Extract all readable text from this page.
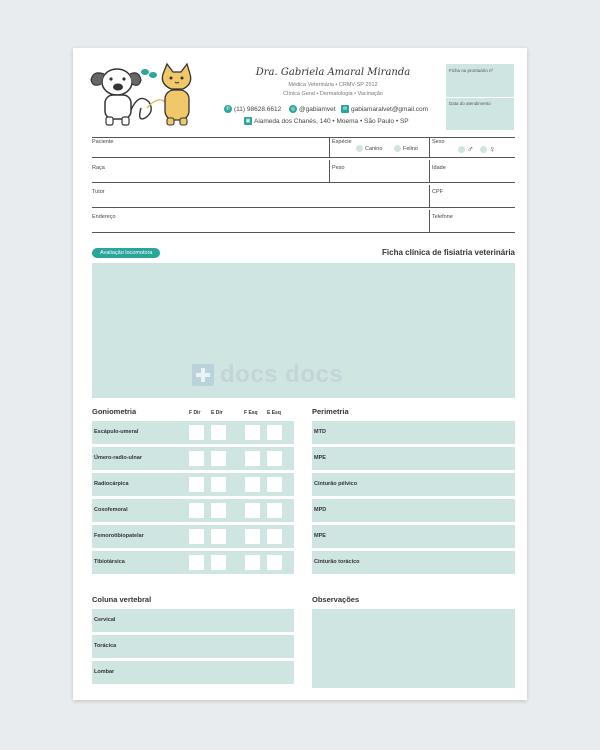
Dra. Gabriela Amaral Miranda
Médica Veterinária • CRMV-SP 2512
Clínica Geral • Dermatologia • Vacinação
✆ (11) 98628.6612	◎ @gabiamvet	✉ gabiamaralvet@gmail.com
▣ Alameda dos Chanés, 140 • Moema • São Paulo • SP
Ficha ou prontuário nº
Data do atendimento
Paciente	Espécie
Canino	Felino
Sexo
♂ ♀
Raça	Peso	Idade
Tutor	CPF
Endereço	Telefone
Avaliação locomotora	Ficha clínica de fisiatria veterinária
Goniometria	F Dir E Dir	F Esq E Esq
Escápulo-umeral
Úmero-radio-ulnar
Radiocárpica
Coxofemoral
Femorotibiopatelar
Tibiotársica
Perimetria
MTD
MPE
Cinturão pélvico
MPD
MPE
Cinturão torácico
Coluna vertebral
Cervical
Torácica
Lombar
Observações
docs docs
